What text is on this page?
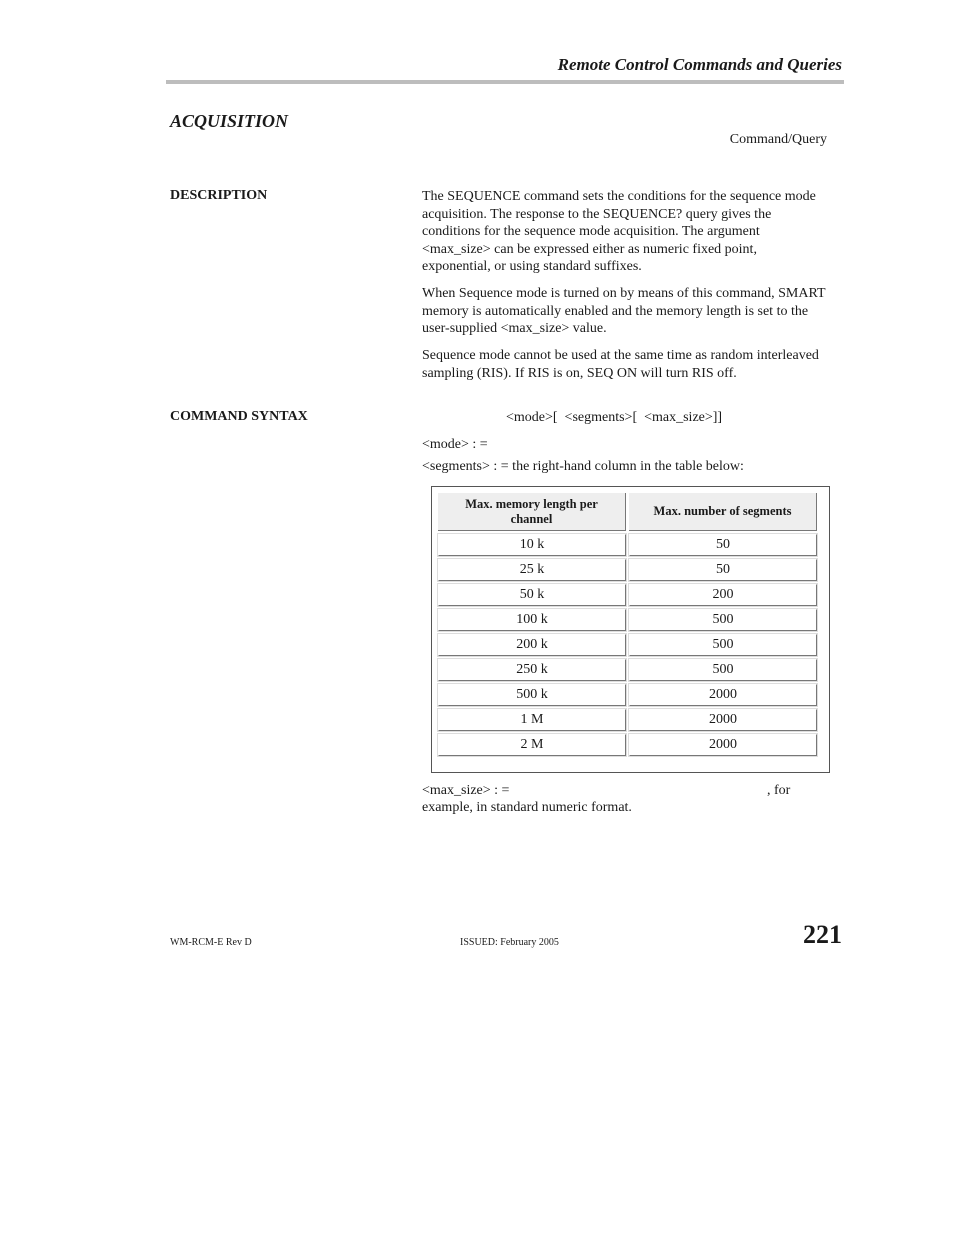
Remote Control Commands and Queries
ACQUISITION
Command/Query
DESCRIPTION	The SEQUENCE command sets the conditions for the sequence mode acquisition. The response to the SEQUENCE? query gives the conditions for the sequence mode acquisition. The argument <max_size> can be expressed either as numeric fixed point, exponential, or using standard suffixes.

When Sequence mode is turned on by means of this command, SMART memory is automatically enabled and the memory length is set to the user-supplied <max_size> value.

Sequence mode cannot be used at the same time as random interleaved sampling (RIS). If RIS is on, SEQ ON will turn RIS off.

COMMAND SYNTAX	<mode>[  <segments>[  <max_size>]]
<mode> : =
<segments> : = the right-hand column in the table below:
Max. memory length per channel	Max. number of segments
10 k	50
25 k	50
50 k	200
100 k	500
200 k	500
250 k	500
500 k	2000
1 M	2000
2 M	2000
<max_size> : =	, for
example, in standard numeric format.
WM-RCM-E Rev D	ISSUED: February 2005	221
